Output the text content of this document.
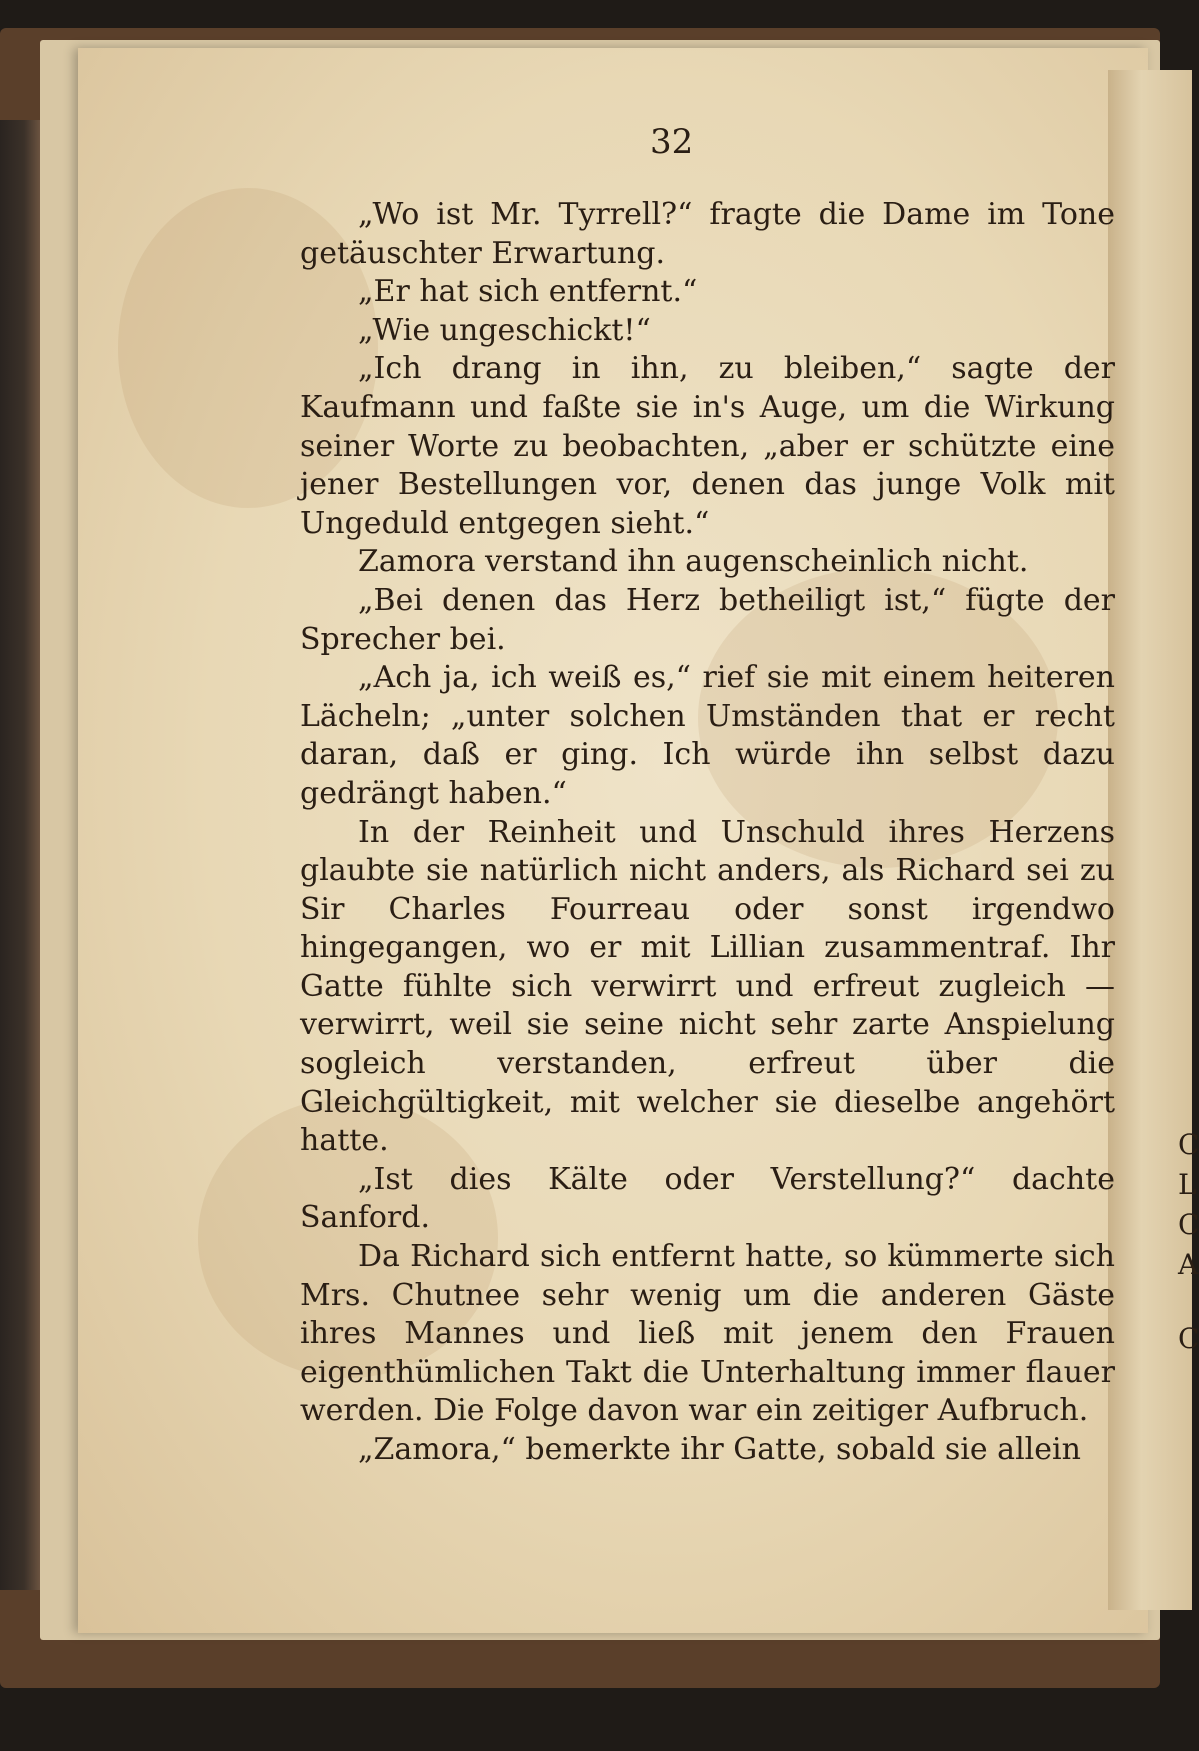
32

„Wo ist Mr. Tyrrell?“ fragte die Dame im Tone getäuschter Erwartung.

„Er hat sich entfernt.“

„Wie ungeschickt!“

„Ich drang in ihn, zu bleiben,“ sagte der Kaufmann und faßte sie in's Auge, um die Wirkung seiner Worte zu beobachten, „aber er schützte eine jener Bestellungen vor, denen das junge Volk mit Ungeduld entgegen sieht.“

Zamora verstand ihn augenscheinlich nicht.

„Bei denen das Herz betheiligt ist,“ fügte der Sprecher bei.

„Ach ja, ich weiß es,“ rief sie mit einem heiteren Lächeln; „unter solchen Umständen that er recht daran, daß er ging. Ich würde ihn selbst dazu gedrängt haben.“

In der Reinheit und Unschuld ihres Herzens glaubte sie natürlich nicht anders, als Richard sei zu Sir Charles Fourreau oder sonst irgendwo hingegangen, wo er mit Lillian zusammentraf. Ihr Gatte fühlte sich verwirrt und erfreut zugleich — verwirrt, weil sie seine nicht sehr zarte Anspielung sogleich verstanden, erfreut über die Gleichgültigkeit, mit welcher sie dieselbe angehört hatte.

„Ist dies Kälte oder Verstellung?“ dachte Sanford.

Da Richard sich entfernt hatte, so kümmerte sich Mrs. Chutnee sehr wenig um die anderen Gäste ihres Mannes und ließ mit jenem den Frauen eigenthümlichen Takt die Unterhaltung immer flauer werden. Die Folge davon war ein zeitiger Aufbruch.

„Zamora,“ bemerkte ihr Gatte, sobald sie allein

C
L
C
A
C
